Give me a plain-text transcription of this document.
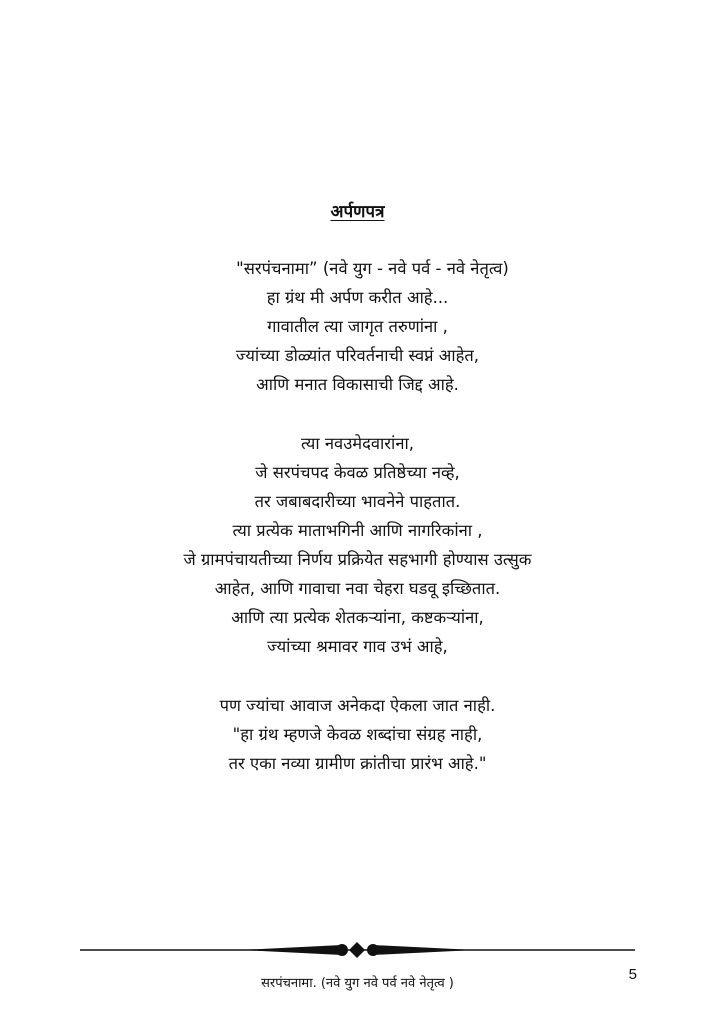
अर्पणपत्र
"सरपंचनामा” (नवे युग - नवे पर्व - नवे नेतृत्व)
हा ग्रंथ मी अर्पण करीत आहे...
गावातील त्या जागृत तरुणांना ,
ज्यांच्या डोळ्यांत परिवर्तनाची स्वप्नं आहेत,
आणि मनात विकासाची जिद्द आहे.
त्या नवउमेदवारांना,
जे सरपंचपद केवळ प्रतिष्ठेच्या नव्हे,
तर जबाबदारीच्या भावनेने पाहतात.
त्या प्रत्येक माताभगिनी आणि नागरिकांना ,
जे ग्रामपंचायतीच्या निर्णय प्रक्रियेत सहभागी होण्यास उत्सुक
आहेत, आणि गावाचा नवा चेहरा घडवू इच्छितात.
आणि त्या प्रत्येक शेतकऱ्यांना, कष्टकऱ्यांना,
ज्यांच्या श्रमावर गाव उभं आहे,
पण ज्यांचा आवाज अनेकदा ऐकला जात नाही.
"हा ग्रंथ म्हणजे केवळ शब्दांचा संग्रह नाही,
तर एका नव्या ग्रामीण क्रांतीचा प्रारंभ आहे."
सरपंचनामा. (नवे युग नवे पर्व नवे नेतृत्व )
5
